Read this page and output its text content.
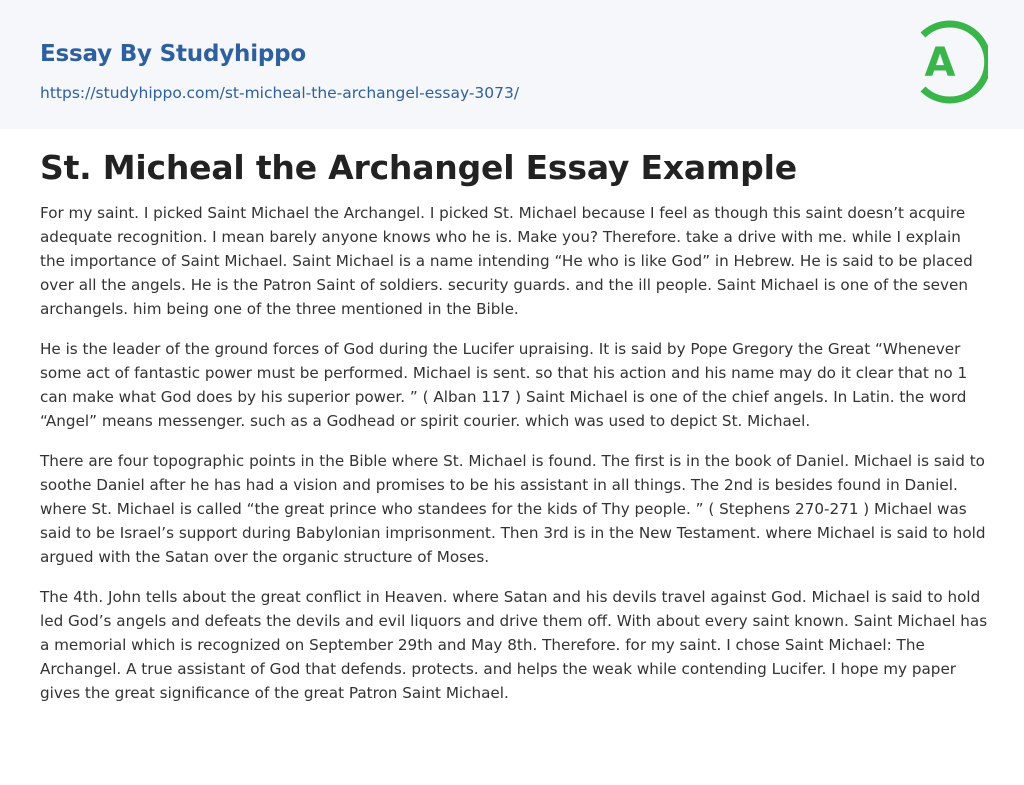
Essay By Studyhippo
https://studyhippo.com/st-micheal-the-archangel-essay-3073/
A
St. Micheal the Archangel Essay Example

For my saint. I picked Saint Michael the Archangel. I picked St. Michael because I feel as though this saint doesn’t acquire adequate recognition. I mean barely anyone knows who he is. Make you? Therefore. take a drive with me. while I explain the importance of Saint Michael. Saint Michael is a name intending “He who is like God” in Hebrew. He is said to be placed over all the angels. He is the Patron Saint of soldiers. security guards. and the ill people. Saint Michael is one of the seven archangels. him being one of the three mentioned in the Bible.

He is the leader of the ground forces of God during the Lucifer upraising. It is said by Pope Gregory the Great “Whenever some act of fantastic power must be performed. Michael is sent. so that his action and his name may do it clear that no 1 can make what God does by his superior power. ” ( Alban 117 ) Saint Michael is one of the chief angels. In Latin. the word “Angel” means messenger. such as a Godhead or spirit courier. which was used to depict St. Michael.

There are four topographic points in the Bible where St. Michael is found. The first is in the book of Daniel. Michael is said to soothe Daniel after he has had a vision and promises to be his assistant in all things. The 2nd is besides found in Daniel. where St. Michael is called “the great prince who standees for the kids of Thy people. ” ( Stephens 270-271 ) Michael was said to be Israel’s support during Babylonian imprisonment. Then 3rd is in the New Testament. where Michael is said to hold argued with the Satan over the organic structure of Moses.

The 4th. John tells about the great conflict in Heaven. where Satan and his devils travel against God. Michael is said to hold led God’s angels and defeats the devils and evil liquors and drive them off. With about every saint known. Saint Michael has a memorial which is recognized on September 29th and May 8th. Therefore. for my saint. I chose Saint Michael: The Archangel. A true assistant of God that defends. protects. and helps the weak while contending Lucifer. I hope my paper gives the great significance of the great Patron Saint Michael.
